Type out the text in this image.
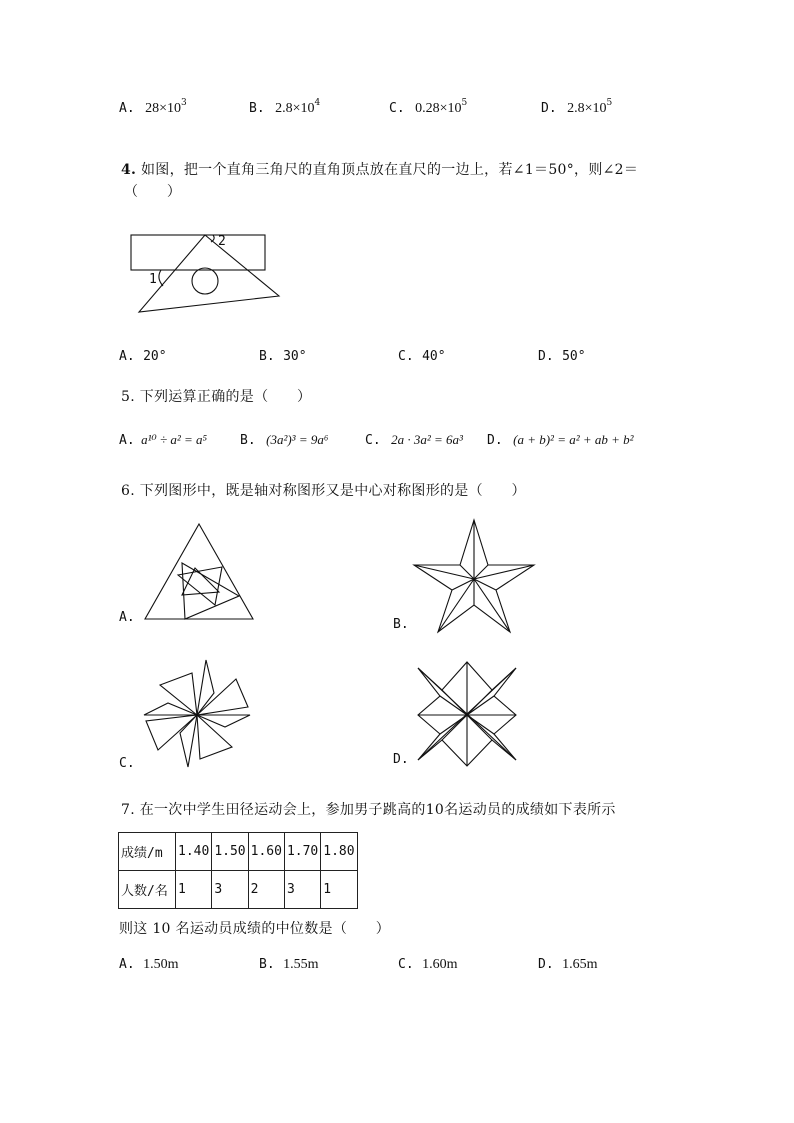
A. $28\times 10^3$	B. $2.8\times 10^4$	C. $0.28\times 10^5$	D. $2.8\times 10^5$
4. 如图，把一个直角三角尺的直角顶点放在直尺的一边上，若∠1＝50°，则∠2＝
（　　）
1
2
A. 20°	B. 30°	C. 40°	D. 50°
5. 下列运算正确的是（　　）
A. a¹⁰ ÷ a² = a⁵	B. (3a²)³ = 9a⁶	C. 2a · 3a² = 6a³ D. (a + b)² = a² + ab + b²
6. 下列图形中，既是轴对称图形又是中心对称图形的是（　　）
A.	B.
C.	D.
7. 在一次中学生田径运动会上，参加男子跳高的10名运动员的成绩如下表所示
成绩/m	1.40	1.50	1.60	1.70	1.80
人数/名	1	3	2	3	1
则这 10 名运动员成绩的中位数是（　　）
A. 1.50m	B. 1.55m	C. 1.60m	D. 1.65m
